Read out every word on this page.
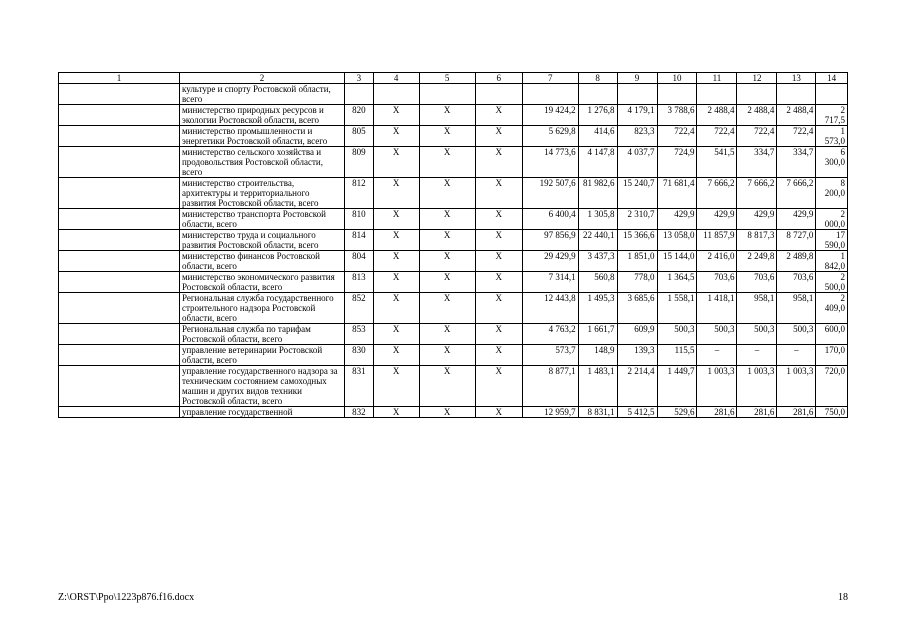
1	2	3	4	5	6	7	8	9	10	11	12	13	14
	культуре и спорту Ростовской области, всего												
	министерство природных ресурсов и экологии Ростовской области, всего	820	Х	Х	Х	19 424,2	1 276,8	4 179,1	3 788,6	2 488,4	2 488,4	2 488,4	2 717,5
	министерство промышленности и энергетики Ростовской области, всего	805	Х	Х	Х	5 629,8	414,6	823,3	722,4	722,4	722,4	722,4	1 573,0
	министерство сельского хозяйства и продовольствия Ростовской области, всего	809	Х	Х	Х	14 773,6	4 147,8	4 037,7	724,9	541,5	334,7	334,7	6 300,0
	министерство строительства, архитектуры и территориального развития Ростовской области, всего	812	Х	Х	Х	192 507,6	81 982,6	15 240,7	71 681,4	7 666,2	7 666,2	7 666,2	8 200,0
	министерство транспорта Ростовской области, всего	810	Х	Х	Х	6 400,4	1 305,8	2 310,7	429,9	429,9	429,9	429,9	2 000,0
	министерство труда и социального развития Ростовской области, всего	814	Х	Х	Х	97 856,9	22 440,1	15 366,6	13 058,0	11 857,9	8 817,3	8 727,0	17 590,0
	министерство финансов Ростовской области, всего	804	Х	Х	Х	29 429,9	3 437,3	1 851,0	15 144,0	2 416,0	2 249,8	2 489,8	1 842,0
	министерство экономического развития Ростовской области, всего	813	Х	Х	Х	7 314,1	560,8	778,0	1 364,5	703,6	703,6	703,6	2 500,0
	Региональная служба государственного строительного надзора Ростовской области, всего	852	Х	Х	Х	12 443,8	1 495,3	3 685,6	1 558,1	1 418,1	958,1	958,1	2 409,0
	Региональная служба по тарифам Ростовской области, всего	853	Х	Х	Х	4 763,2	1 661,7	609,9	500,3	500,3	500,3	500,3	600,0
	управление ветеринарии Ростовской области, всего	830	Х	Х	Х	573,7	148,9	139,3	115,5	–	–	–	170,0
	управление государственного надзора за техническим состоянием самоходных машин и других видов техники Ростовской области, всего	831	Х	Х	Х	8 877,1	1 483,1	2 214,4	1 449,7	1 003,3	1 003,3	1 003,3	720,0
	управление государственной	832	Х	Х	Х	12 959,7	8 831,1	5 412,5	529,6	281,6	281,6	281,6	750,0
Z:\ORST\Ppo\1223p876.f16.docx	18
